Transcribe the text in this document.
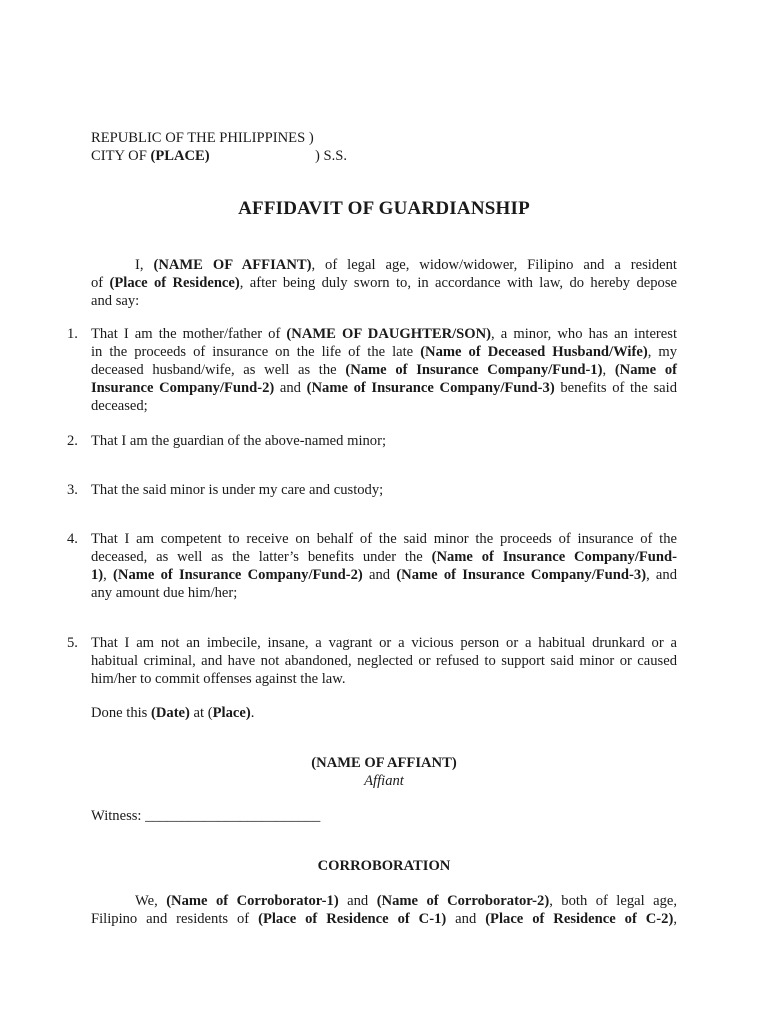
REPUBLIC OF THE PHILIPPINES )
CITY OF (PLACE)	) S.S.
AFFIDAVIT OF GUARDIANSHIP
I, (NAME OF AFFIANT), of legal age, widow/widower, Filipino and a resident
of (Place of Residence), after being duly sworn to, in accordance with law, do hereby depose
and say:
1. That I am the mother/father of (NAME OF DAUGHTER/SON), a minor, who has an interest
in the proceeds of insurance on the life of the late (Name of Deceased Husband/Wife), my
deceased husband/wife, as well as the (Name of Insurance Company/Fund-1), (Name of
Insurance Company/Fund-2) and (Name of Insurance Company/Fund-3) benefits of the said
deceased;
2. That I am the guardian of the above-named minor;
3. That the said minor is under my care and custody;
4. That I am competent to receive on behalf of the said minor the proceeds of insurance of the
deceased, as well as the latter’s benefits under the (Name of Insurance Company/Fund-
1), (Name of Insurance Company/Fund-2) and (Name of Insurance Company/Fund-3), and
any amount due him/her;
5. That I am not an imbecile, insane, a vagrant or a vicious person or a habitual drunkard or a
habitual criminal, and have not abandoned, neglected or refused to support said minor or caused
him/her to commit offenses against the law.
Done this (Date) at (Place).
(NAME OF AFFIANT)
Affiant
Witness: ________________________
CORROBORATION
We, (Name of Corroborator-1) and (Name of Corroborator-2), both of legal age,
Filipino and residents of (Place of Residence of C-1) and (Place of Residence of C-2),
